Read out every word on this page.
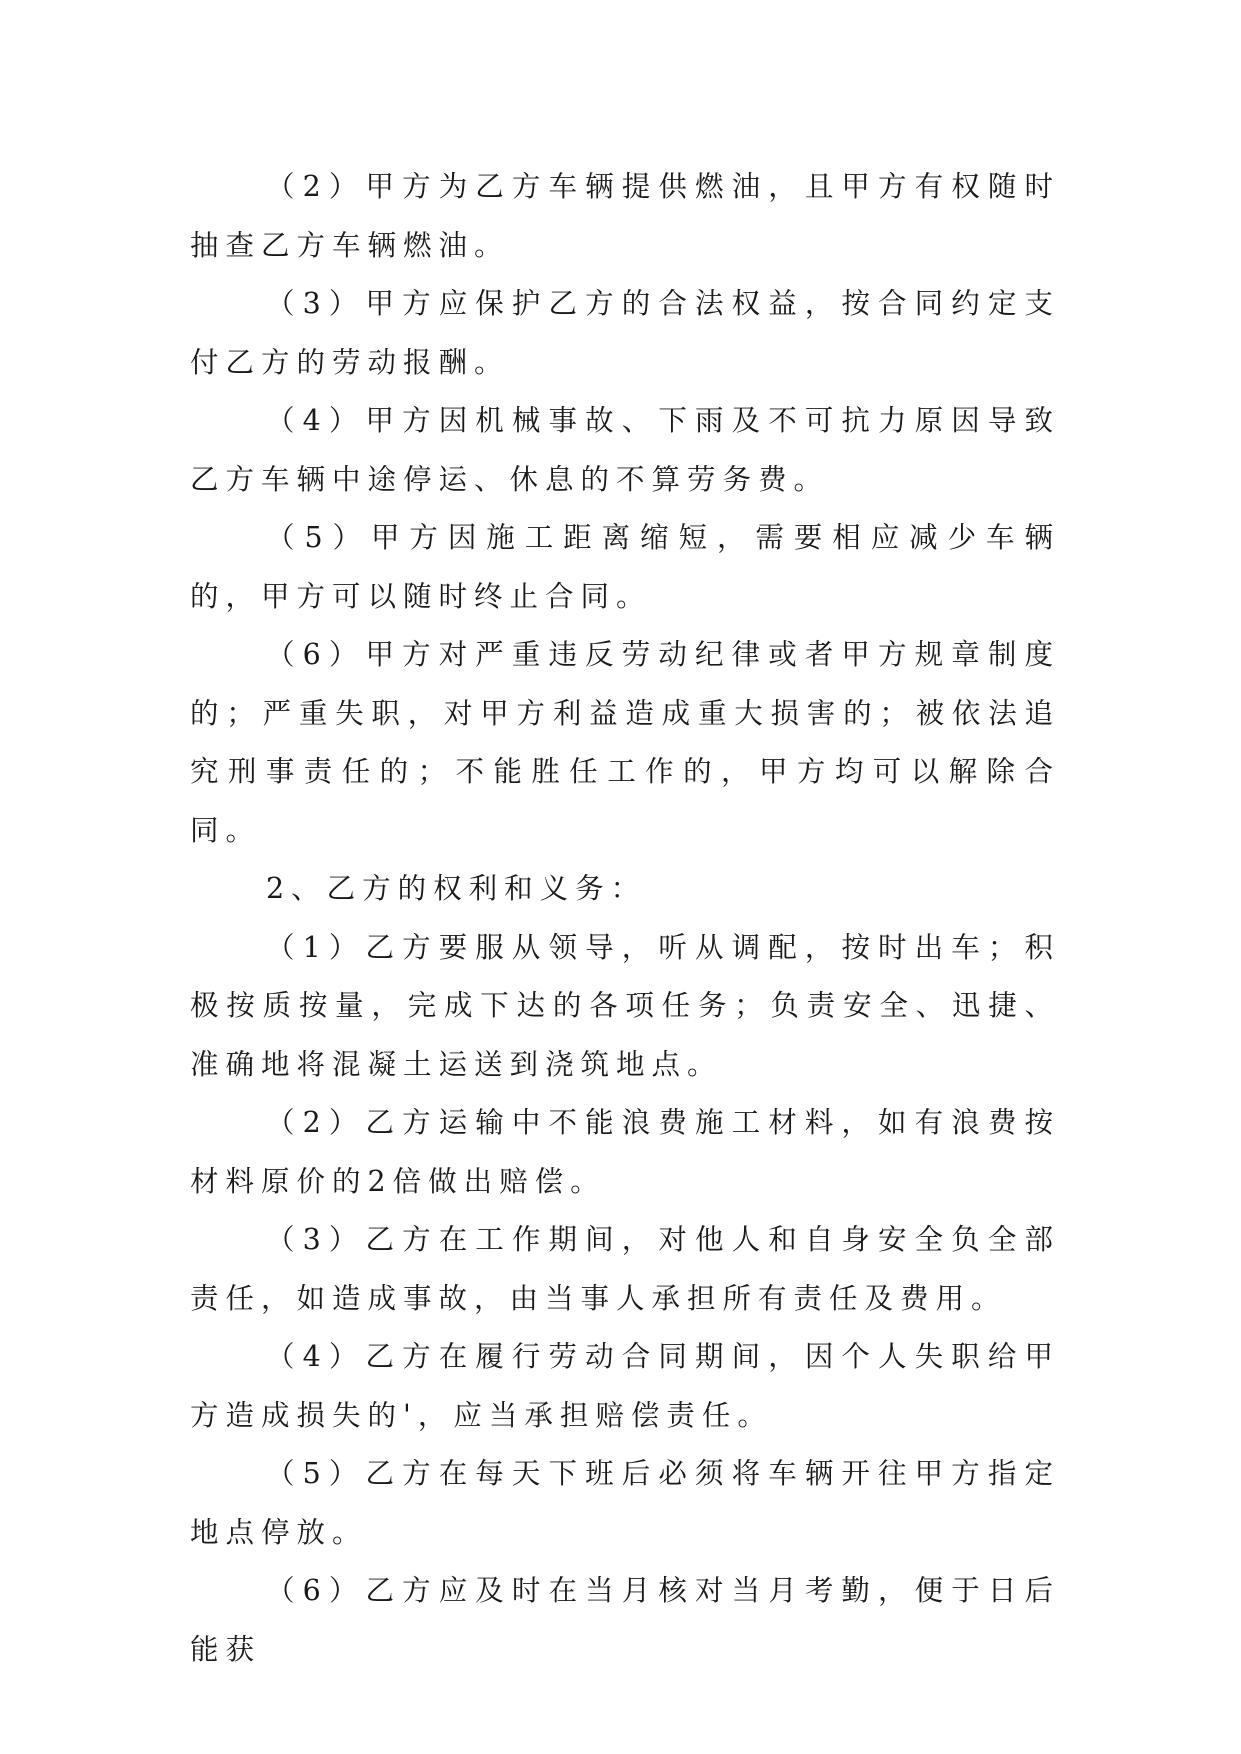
（2）甲方为乙方车辆提供燃油，且甲方有权随时抽查乙方车辆燃油。

（3）甲方应保护乙方的合法权益，按合同约定支付乙方的劳动报酬。

（4）甲方因机械事故、下雨及不可抗力原因导致乙方车辆中途停运、休息的不算劳务费。

（5）甲方因施工距离缩短，需要相应减少车辆的，甲方可以随时终止合同。

（6）甲方对严重违反劳动纪律或者甲方规章制度的；严重失职，对甲方利益造成重大损害的；被依法追究刑事责任的；不能胜任工作的，甲方均可以解除合同。

2、乙方的权利和义务：

（1）乙方要服从领导，听从调配，按时出车；积极按质按量，完成下达的各项任务；负责安全、迅捷、准确地将混凝土运送到浇筑地点。

（2）乙方运输中不能浪费施工材料，如有浪费按材料原价的2倍做出赔偿。

（3）乙方在工作期间，对他人和自身安全负全部责任，如造成事故，由当事人承担所有责任及费用。

（4）乙方在履行劳动合同期间，因个人失职给甲方造成损失的'，应当承担赔偿责任。

（5）乙方在每天下班后必须将车辆开往甲方指定地点停放。

（6）乙方应及时在当月核对当月考勤，便于日后能获
